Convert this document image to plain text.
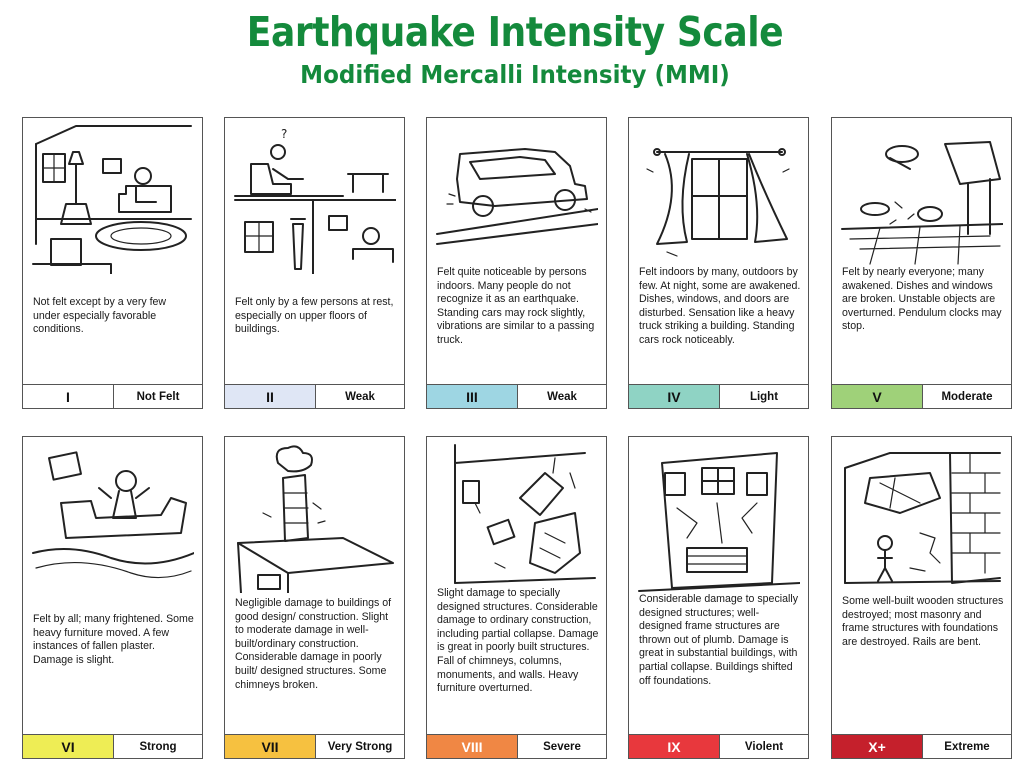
Earthquake Intensity Scale
Modified Mercalli Intensity (MMI)
Not felt except by a very few under especially favorable conditions.
I	Not Felt
?
Felt only by a few persons at rest, especially on upper floors of buildings.
II	Weak
Felt quite noticeable by persons indoors. Many people do not recognize it as an earthquake. Standing cars may rock slightly, vibrations are similar to a passing truck.
III	Weak
Felt indoors by many, outdoors by few. At night, some are awakened. Dishes, windows, and doors are disturbed. Sensation like a heavy truck striking a building. Standing cars rock noticeably.
IV	Light
Felt by nearly everyone; many awakened. Dishes and windows are broken. Unstable objects are overturned. Pendulum clocks may stop.
V	Moderate
Felt by all; many frightened. Some heavy furniture moved. A few instances of fallen plaster. Damage is slight.
VI	Strong
Negligible damage to buildings of good design/ construction. Slight to moderate damage in well-built/ordinary construction. Considerable damage in poorly built/ designed structures. Some chimneys broken.
VII	Very Strong
Slight damage to specially designed structures. Considerable damage to ordinary construction, including partial collapse. Damage is great in poorly built structures. Fall of chimneys, columns, monuments, and walls. Heavy furniture overturned.
VIII	Severe
Considerable damage to specially designed structures; well-designed frame structures are thrown out of plumb. Damage is great in substantial buildings, with partial collapse. Buildings shifted off foundations.
IX	Violent
Some well-built wooden structures destroyed; most masonry and frame structures with foundations are destroyed. Rails are bent.
X+	Extreme
